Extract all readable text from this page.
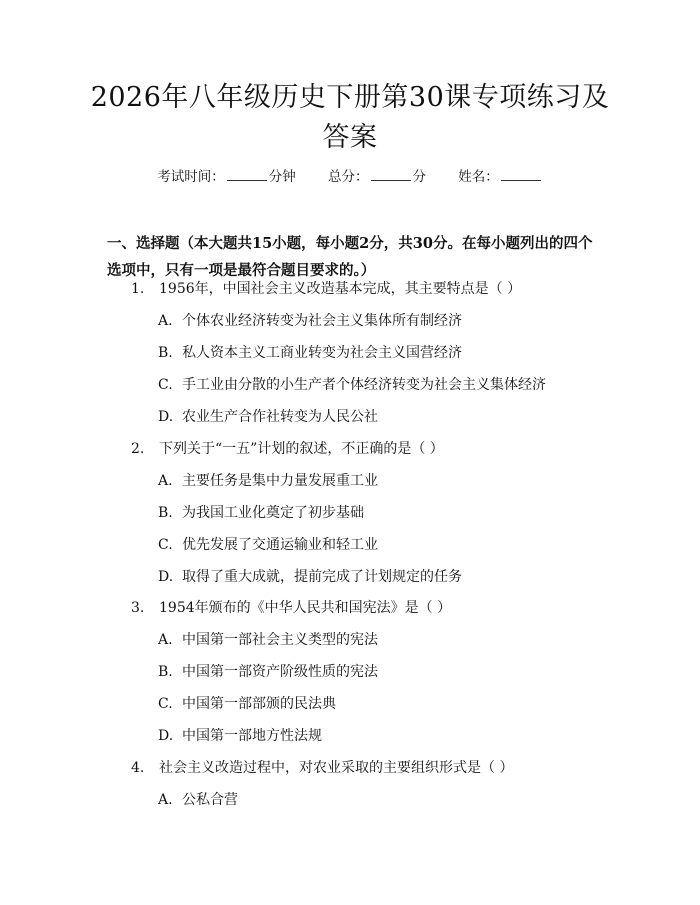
2026年八年级历史下册第30课专项练习及答案
考试时间：	分钟 总分：	分 姓名：
一、选择题（本大题共15小题，每小题2分，共30分。在每小题列出的四个选项中，只有一项是最符合题目要求的。）
1. 1956年，中国社会主义改造基本完成，其主要特点是（ ）
A. 个体农业经济转变为社会主义集体所有制经济
B. 私人资本主义工商业转变为社会主义国营经济
C. 手工业由分散的小生产者个体经济转变为社会主义集体经济
D. 农业生产合作社转变为人民公社
2. 下列关于“一五”计划的叙述，不正确的是（ ）
A. 主要任务是集中力量发展重工业
B. 为我国工业化奠定了初步基础
C. 优先发展了交通运输业和轻工业
D. 取得了重大成就，提前完成了计划规定的任务
3. 1954年颁布的《中华人民共和国宪法》是（ ）
A. 中国第一部社会主义类型的宪法
B. 中国第一部资产阶级性质的宪法
C. 中国第一部部颁的民法典
D. 中国第一部地方性法规
4. 社会主义改造过程中，对农业采取的主要组织形式是（ ）
A. 公私合营
